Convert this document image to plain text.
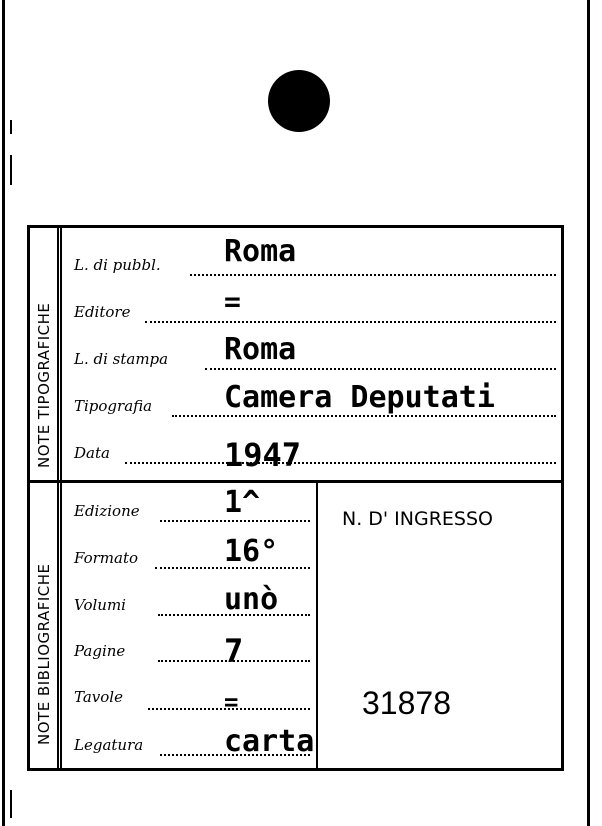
NOTE TIPOGRAFICHE
NOTE BIBLIOGRAFICHE
L. di pubbl. Roma
Editore	=
L. di stampa Roma
Tipografia Camera Deputati
Data	1947
Edizione	1^
Formato	16°
Volumi	unò
Pagine	7
Tavole	=
Legatura	carta
N. D' INGRESSO
31878
